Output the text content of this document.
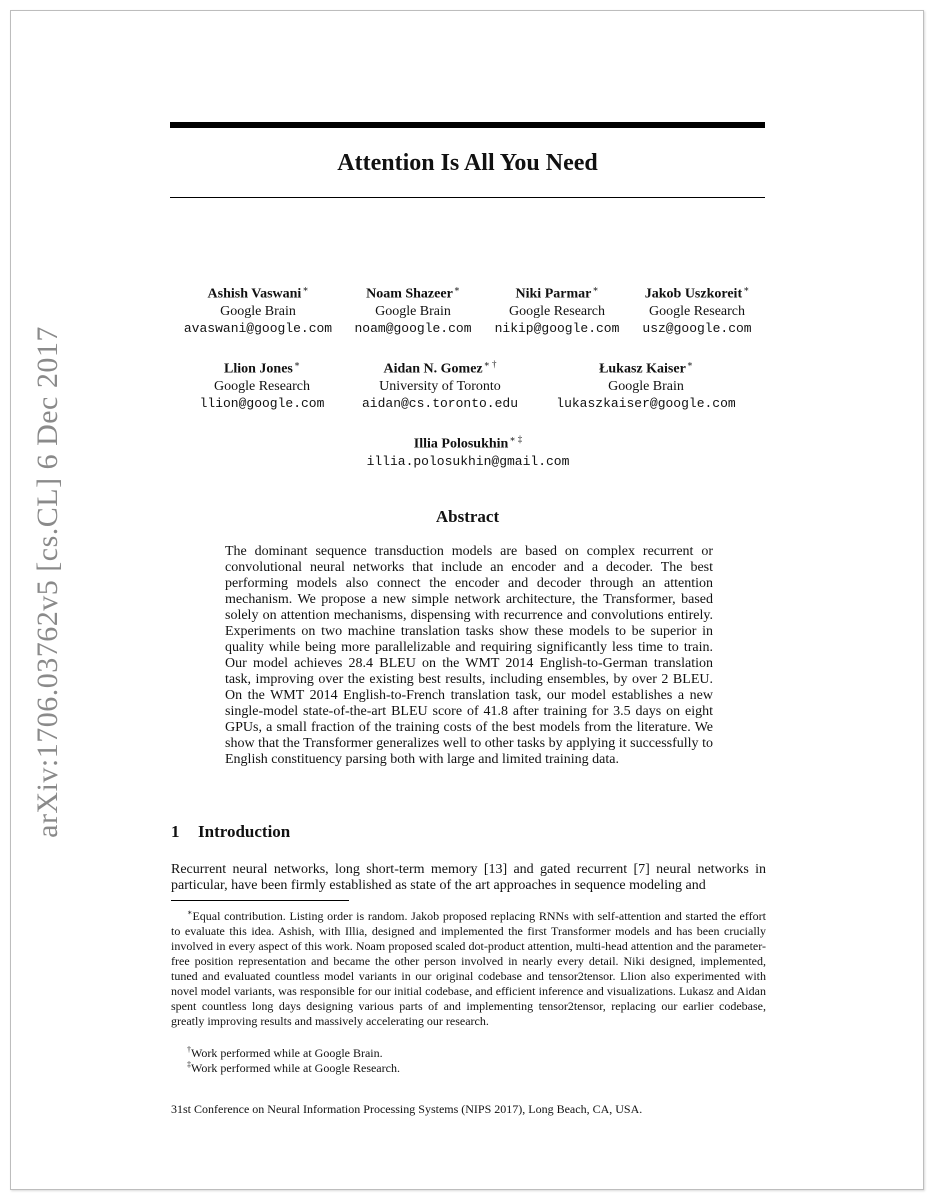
arXiv:1706.03762v5 [cs.CL] 6 Dec 2017
Attention Is All You Need
Ashish Vaswani∗
Google Brain
avaswani@google.com
Noam Shazeer∗
Google Brain
noam@google.com
Niki Parmar∗
Google Research
nikip@google.com
Jakob Uszkoreit∗
Google Research
usz@google.com
Llion Jones∗
Google Research
llion@google.com
Aidan N. Gomez∗ †
University of Toronto
aidan@cs.toronto.edu
Łukasz Kaiser∗
Google Brain
lukaszkaiser@google.com
Illia Polosukhin∗ ‡
illia.polosukhin@gmail.com
Abstract
The dominant sequence transduction models are based on complex recurrent or convolutional neural networks that include an encoder and a decoder. The best performing models also connect the encoder and decoder through an attention mechanism. We propose a new simple network architecture, the Transformer, based solely on attention mechanisms, dispensing with recurrence and convolutions entirely. Experiments on two machine translation tasks show these models to be superior in quality while being more parallelizable and requiring significantly less time to train. Our model achieves 28.4 BLEU on the WMT 2014 English-to-German translation task, improving over the existing best results, including ensembles, by over 2 BLEU. On the WMT 2014 English-to-French translation task, our model establishes a new single-model state-of-the-art BLEU score of 41.8 after training for 3.5 days on eight GPUs, a small fraction of the training costs of the best models from the literature. We show that the Transformer generalizes well to other tasks by applying it successfully to English constituency parsing both with large and limited training data.
1 Introduction
Recurrent neural networks, long short-term memory [13] and gated recurrent [7] neural networks in particular, have been firmly established as state of the art approaches in sequence modeling and
∗Equal contribution. Listing order is random. Jakob proposed replacing RNNs with self-attention and started the effort to evaluate this idea. Ashish, with Illia, designed and implemented the first Transformer models and has been crucially involved in every aspect of this work. Noam proposed scaled dot-product attention, multi-head attention and the parameter-free position representation and became the other person involved in nearly every detail. Niki designed, implemented, tuned and evaluated countless model variants in our original codebase and tensor2tensor. Llion also experimented with novel model variants, was responsible for our initial codebase, and efficient inference and visualizations. Lukasz and Aidan spent countless long days designing various parts of and implementing tensor2tensor, replacing our earlier codebase, greatly improving results and massively accelerating our research.
†Work performed while at Google Brain.
‡Work performed while at Google Research.
31st Conference on Neural Information Processing Systems (NIPS 2017), Long Beach, CA, USA.
